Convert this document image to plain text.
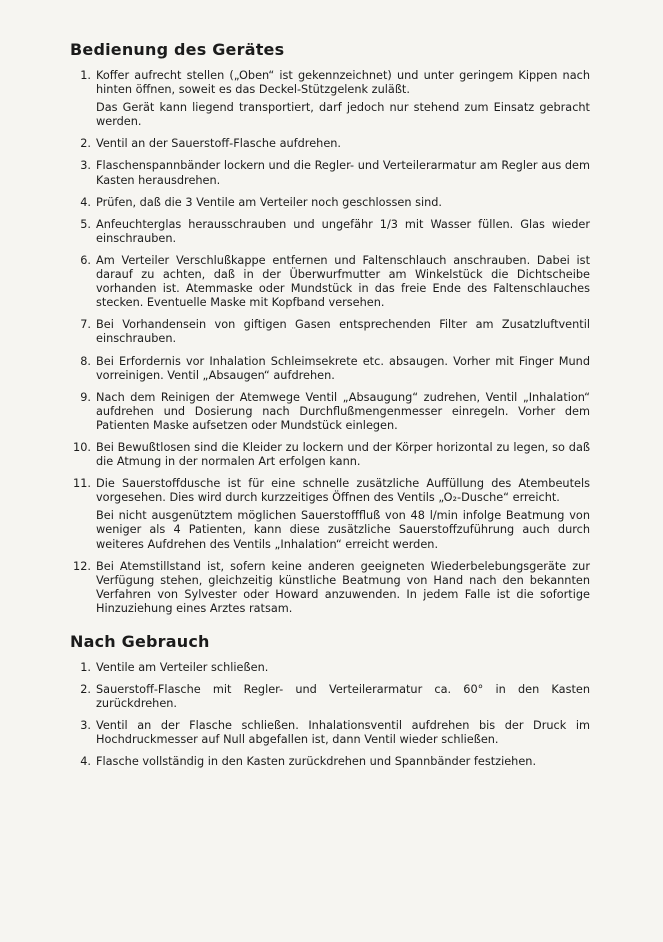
Bedienung des Gerätes
1. Koffer aufrecht stellen („Oben“ ist gekennzeichnet) und unter geringem Kippen nach hinten öffnen, soweit es das Deckel-Stützgelenk zuläßt.

Das Gerät kann liegend transportiert, darf jedoch nur stehend zum Einsatz gebracht werden.

2. Ventil an der Sauerstoff-Flasche aufdrehen.

3. Flaschenspannbänder lockern und die Regler- und Verteilerarmatur am Regler aus dem Kasten herausdrehen.

4. Prüfen, daß die 3 Ventile am Verteiler noch geschlossen sind.

5. Anfeuchterglas herausschrauben und ungefähr 1/3 mit Wasser füllen. Glas wieder einschrauben.

6. Am Verteiler Verschlußkappe entfernen und Faltenschlauch anschrauben. Dabei ist darauf zu achten, daß in der Überwurfmutter am Winkelstück die Dichtscheibe vorhanden ist. Atemmaske oder Mundstück in das freie Ende des Faltenschlauches stecken. Eventuelle Maske mit Kopfband versehen.

7. Bei Vorhandensein von giftigen Gasen entsprechenden Filter am Zusatzluftventil einschrauben.

8. Bei Erfordernis vor Inhalation Schleimsekrete etc. absaugen. Vorher mit Finger Mund vorreinigen. Ventil „Absaugen“ aufdrehen.

9. Nach dem Reinigen der Atemwege Ventil „Absaugung“ zudrehen, Ventil „Inhalation“ aufdrehen und Dosierung nach Durchflußmengenmesser einregeln. Vorher dem Patienten Maske aufsetzen oder Mundstück einlegen.

10. Bei Bewußtlosen sind die Kleider zu lockern und der Körper horizontal zu legen, so daß die Atmung in der normalen Art erfolgen kann.

11. Die Sauerstoffdusche ist für eine schnelle zusätzliche Auffüllung des Atembeutels vorgesehen. Dies wird durch kurzzeitiges Öffnen des Ventils „O₂-Dusche“ erreicht.

Bei nicht ausgenütztem möglichen Sauerstofffluß von 48 l/min infolge Beatmung von weniger als 4 Patienten, kann diese zusätzliche Sauerstoffzuführung auch durch weiteres Aufdrehen des Ventils „Inhalation“ erreicht werden.

12. Bei Atemstillstand ist, sofern keine anderen geeigneten Wiederbelebungsgeräte zur Verfügung stehen, gleichzeitig künstliche Beatmung von Hand nach den bekannten Verfahren von Sylvester oder Howard anzuwenden. In jedem Falle ist die sofortige Hinzuziehung eines Arztes ratsam.

Nach Gebrauch
1. Ventile am Verteiler schließen.

2. Sauerstoff-Flasche mit Regler- und Verteilerarmatur ca. 60° in den Kasten zurückdrehen.

3. Ventil an der Flasche schließen. Inhalationsventil aufdrehen bis der Druck im Hochdruckmesser auf Null abgefallen ist, dann Ventil wieder schließen.

4. Flasche vollständig in den Kasten zurückdrehen und Spannbänder festziehen.
